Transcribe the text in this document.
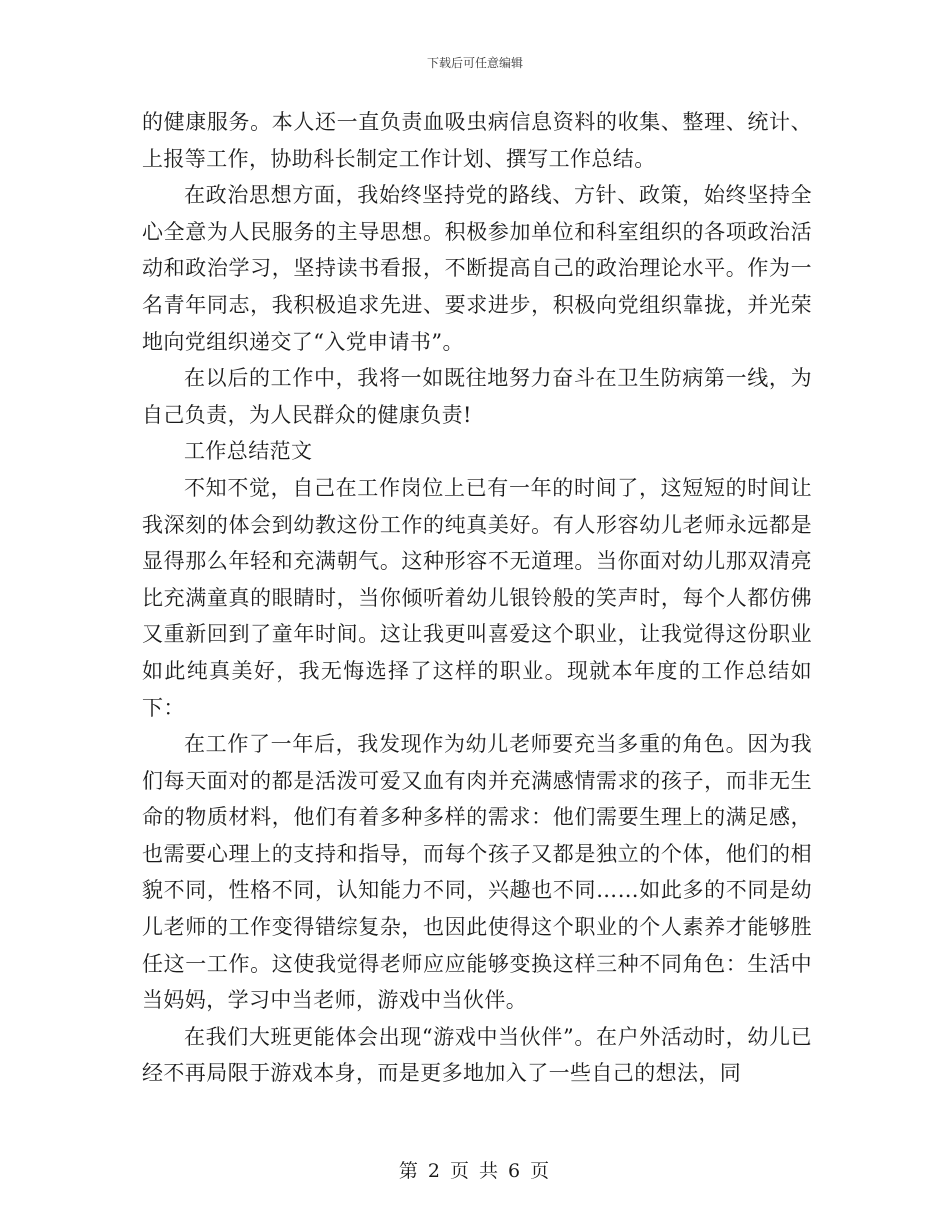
下载后可任意编辑

的健康服务。本人还一直负责血吸虫病信息资料的收集、整理、统计、上报等工作，协助科长制定工作计划、撰写工作总结。

在政治思想方面，我始终坚持党的路线、方针、政策，始终坚持全心全意为人民服务的主导思想。积极参加单位和科室组织的各项政治活动和政治学习，坚持读书看报，不断提高自己的政治理论水平。作为一名青年同志，我积极追求先进、要求进步，积极向党组织靠拢，并光荣地向党组织递交了“入党申请书”。

在以后的工作中，我将一如既往地努力奋斗在卫生防病第一线，为自己负责，为人民群众的健康负责!

工作总结范文

不知不觉，自己在工作岗位上已有一年的时间了，这短短的时间让我深刻的体会到幼教这份工作的纯真美好。有人形容幼儿老师永远都是显得那么年轻和充满朝气。这种形容不无道理。当你面对幼儿那双清亮比充满童真的眼睛时，当你倾听着幼儿银铃般的笑声时，每个人都仿佛又重新回到了童年时间。这让我更叫喜爱这个职业，让我觉得这份职业如此纯真美好，我无悔选择了这样的职业。现就本年度的工作总结如下：

在工作了一年后，我发现作为幼儿老师要充当多重的角色。因为我们每天面对的都是活泼可爱又血有肉并充满感情需求的孩子，而非无生命的物质材料，他们有着多种多样的需求：他们需要生理上的满足感，也需要心理上的支持和指导，而每个孩子又都是独立的个体，他们的相貌不同，性格不同，认知能力不同，兴趣也不同……如此多的不同是幼儿老师的工作变得错综复杂，也因此使得这个职业的个人素养才能够胜任这一工作。这使我觉得老师应应能够变换这样三种不同角色：生活中当妈妈，学习中当老师，游戏中当伙伴。

在我们大班更能体会出现“游戏中当伙伴”。在户外活动时，幼儿已经不再局限于游戏本身，而是更多地加入了一些自己的想法，同

第 2 页 共 6 页
